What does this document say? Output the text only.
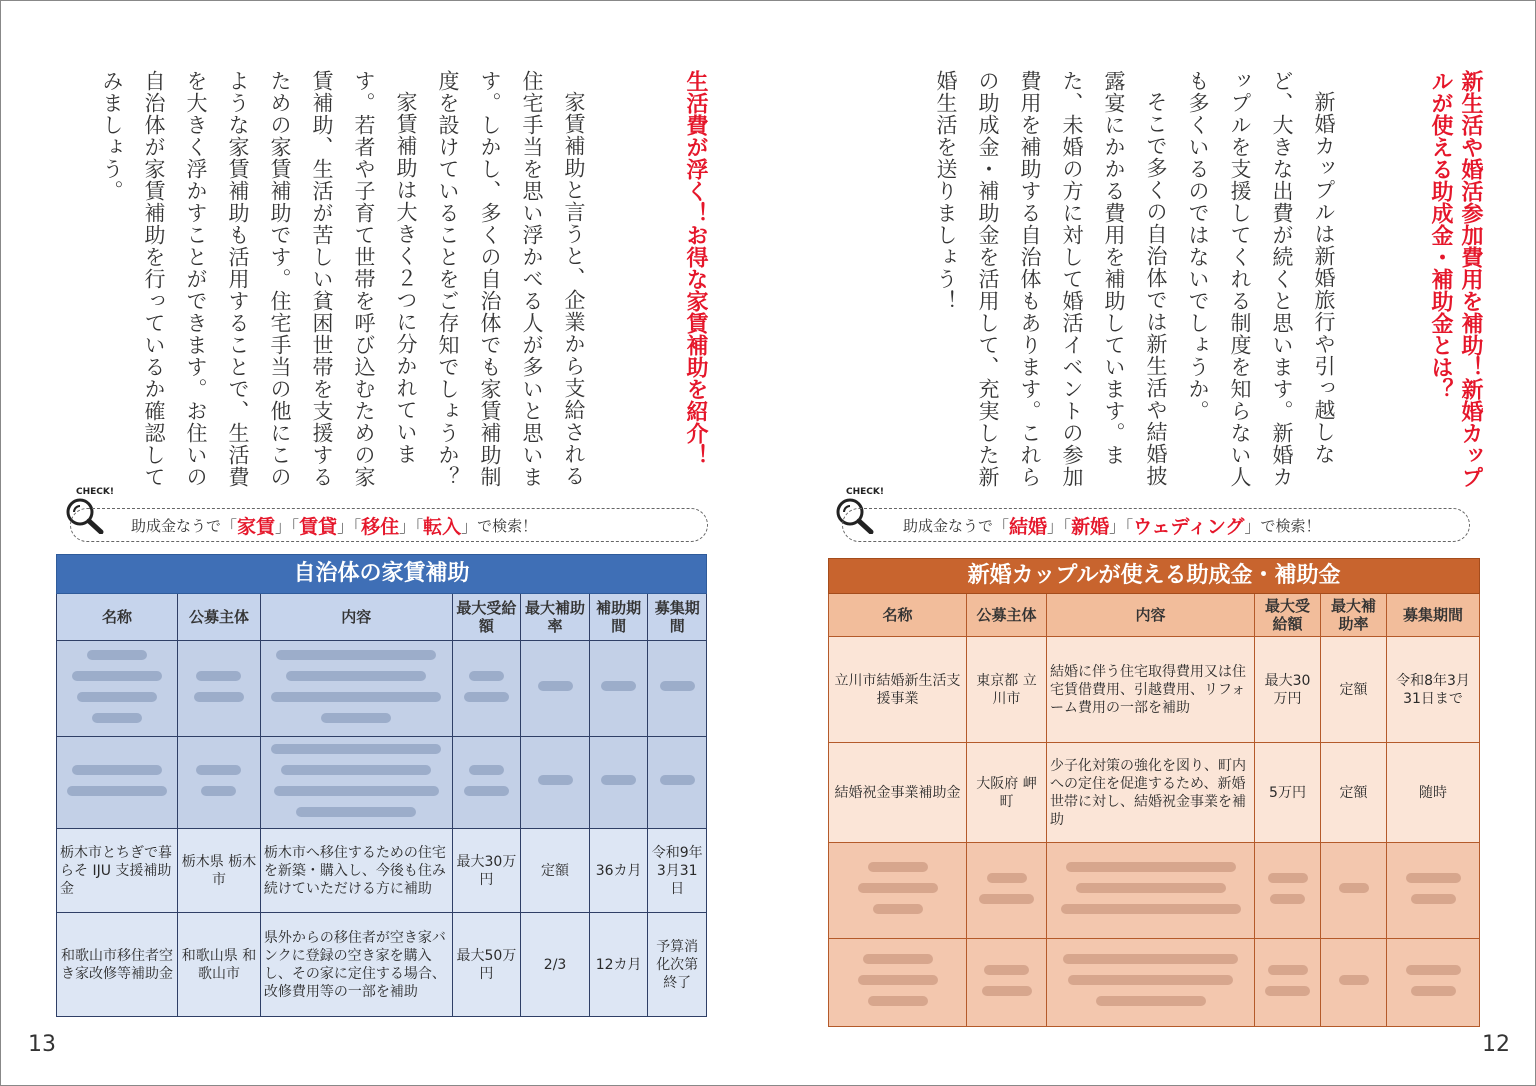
新生活や婚活参加費用を補助！新婚カップルが使える助成金・補助金とは？

新婚カップルは新婚旅行や引っ越しなど、大きな出費が続くと思います。新婚カップルを支援してくれる制度を知らない人も多くいるのではないでしょうか。

そこで多くの自治体では新生活や結婚披露宴にかかる費用を補助しています。また、未婚の方に対して婚活イベントの参加費用を補助する自治体もあります。これらの助成金・補助金を活用して、充実した新婚生活を送りましょう！

CHECK!
助成金なうで 「 結婚 」「 新婚 」「 ウェディング 」 で検索！
新婚カップルが使える助成金・補助金					
名称	公募主体	内容	最大受給額	最大補助率	募集期間
立川市結婚新生活支援事業	東京都 立川市	結婚に伴う住宅取得費用又は住宅賃借費用、引越費用、リフォーム費用の一部を補助	最大30万円	定額	令和8年3月31日まで
結婚祝金事業補助金	大阪府 岬町	少子化対策の強化を図り、町内への定住を促進するため、新婚世帯に対し、結婚祝金事業を補助	5万円	定額	随時

12
生活費が浮く！お得な家賃補助を紹介！

家賃補助と言うと、企業から支給される住宅手当を思い浮かべる人が多いと思います。しかし、多くの自治体でも家賃補助制度を設けていることをご存知でしょうか？

家賃補助は大きく２つに分かれています。若者や子育て世帯を呼び込むための家賃補助、生活が苦しい貧困世帯を支援するための家賃補助です。住宅手当の他にこのような家賃補助も活用することで、生活費を大きく浮かすことができます。お住いの自治体が家賃補助を行っているか確認してみましょう。

CHECK!
助成金なうで 「 家賃 」「 賃貸 」「 移住 」「 転入 」 で検索！
自治体の家賃補助						
名称	公募主体	内容	最大受給額	最大補助率	補助期間	募集期間

栃木市とちぎで暮らそ IJU 支援補助金	栃木県 栃木市	栃木市へ移住するための住宅を新築・購入し、今後も住み続けていただける方に補助	最大30万円	定額	36カ月	令和9年3月31日
和歌山市移住者空き家改修等補助金	和歌山県 和歌山市	県外からの移住者が空き家バンクに登録の空き家を購入し、その家に定住する場合、改修費用等の一部を補助	最大50万円	2/3	12カ月	予算消化次第終了
13
